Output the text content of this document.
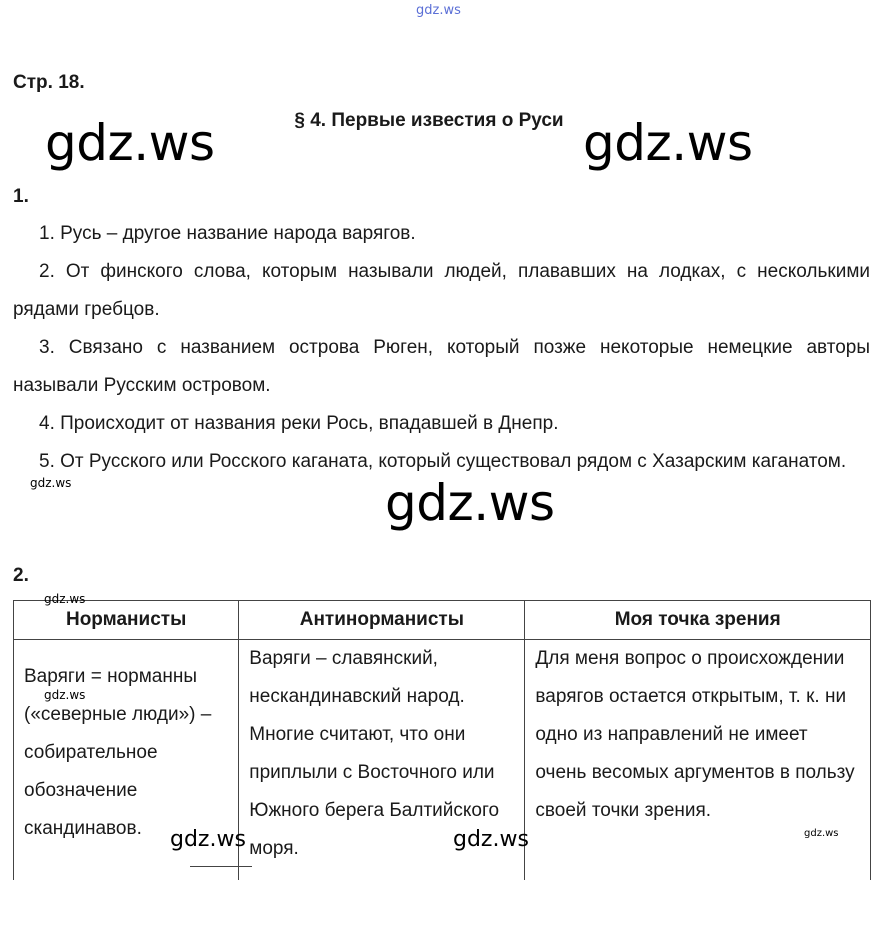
gdz.ws
Стр. 18.
§ 4. Первые известия о Руси
gdz.ws	gdz.ws
1.
1. Русь – другое название народа варягов.
2. От финского слова, которым называли людей, плававших на лодках, с несколькими рядами гребцов.
3. Связано с названием острова Рюген, который позже некоторые немецкие авторы называли Русским островом.
4. Происходит от названия реки Рось, впадавшей в Днепр.
5. От Русского или Росского каганата, который существовал рядом с Хазарским каганатом.
gdz.ws	gdz.ws
2.
Норманисты	Антинорманисты	Моя точка зрения
Варяги = норманны («северные люди») – собирательное обозначение скандинавов.	Варяги – славянский, нескандинавский народ. Многие считают, что они приплыли с Восточного или Южного берега Балтийского моря.	Для меня вопрос о происхождении варягов остается открытым, т. к. ни одно из направлений не имеет очень весомых аргументов в пользу своей точки зрения.
gdz.ws
gdz.ws
gdz.ws	gdz.ws	gdz.ws
